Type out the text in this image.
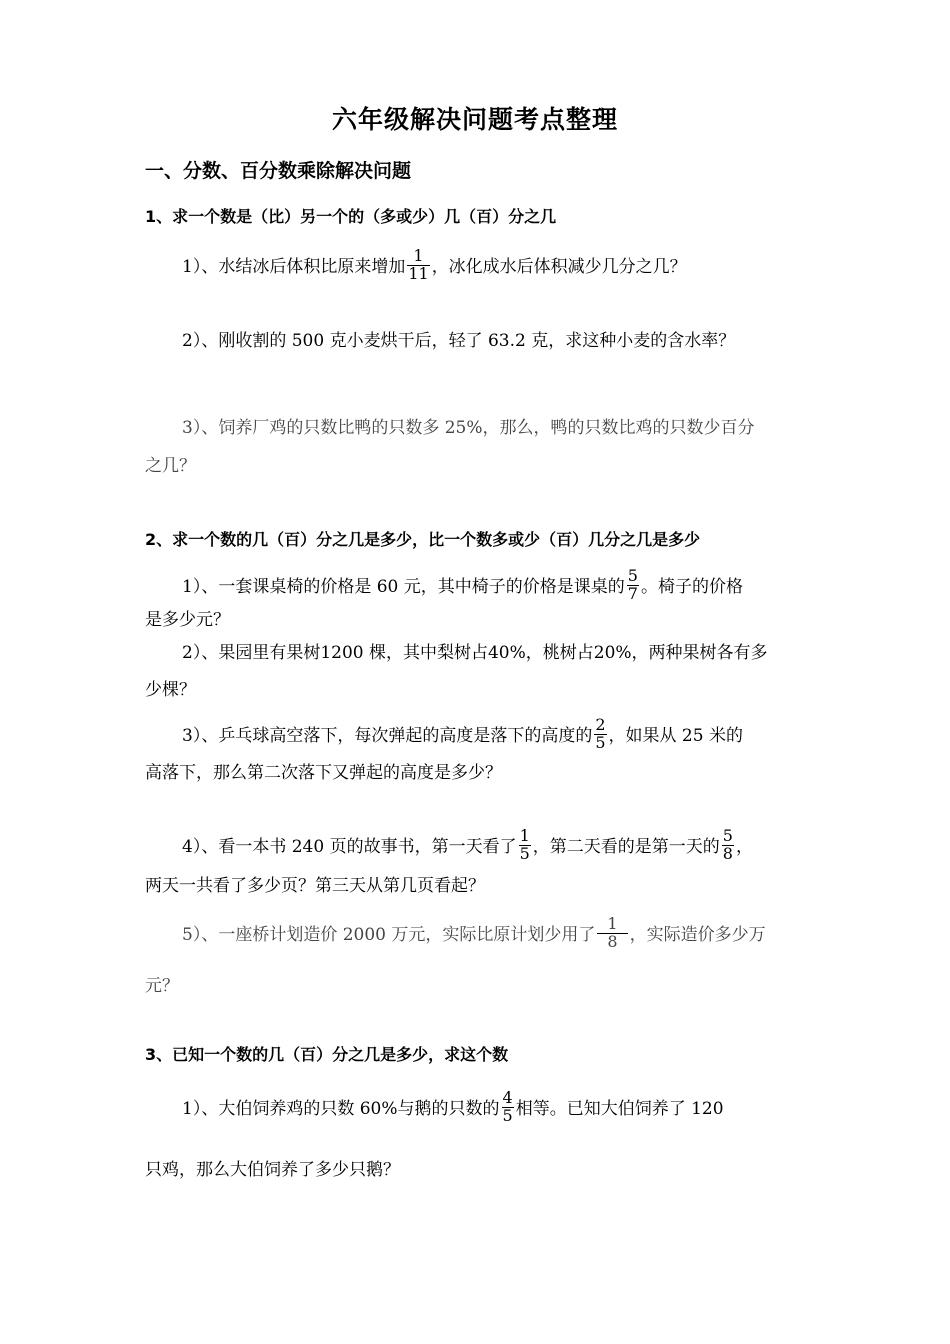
六年级解决问题考点整理
一、分数、百分数乘除解决问题
1、求一个数是（比）另一个的（多或少）几（百）分之几
1）、水结冰后体积比原来增加 $\frac{1}{11}$ ，冰化成水后体积减少几分之几？
2）、刚收割的 500 克小麦烘干后，轻了 63.2 克，求这种小麦的含水率？
3）、饲养厂鸡的只数比鸭的只数多 25%，那么，鸭的只数比鸡的只数少百分
之几？
2、求一个数的几（百）分之几是多少，比一个数多或少（百）几分之几是多少
1）、一套课桌椅的价格是 60 元，其中椅子的价格是课桌的 $\frac{5}{7}$ 。椅子的价格
是多少元？
2）、果园里有果树1200 棵，其中梨树占40%，桃树占20%，两种果树各有多
少棵？
3）、乒乓球高空落下，每次弹起的高度是落下的高度的 $\frac{2}{5}$ ，如果从 25 米的
高落下，那么第二次落下又弹起的高度是多少？
4）、看一本书 240 页的故事书，第一天看了 $\frac{1}{5}$ ，第二天看的是第一天的 $\frac{5}{8}$ ，
两天一共看了多少页？第三天从第几页看起？
5）、一座桥计划造价 2000 万元，实际比原计划少用了 $\frac{1}{8}$ ，实际造价多少万
元？
3、已知一个数的几（百）分之几是多少，求这个数
1）、大伯饲养鸡的只数 60%与鹅的只数的 $\frac{4}{5}$ 相等。已知大伯饲养了 120
只鸡，那么大伯饲养了多少只鹅？
